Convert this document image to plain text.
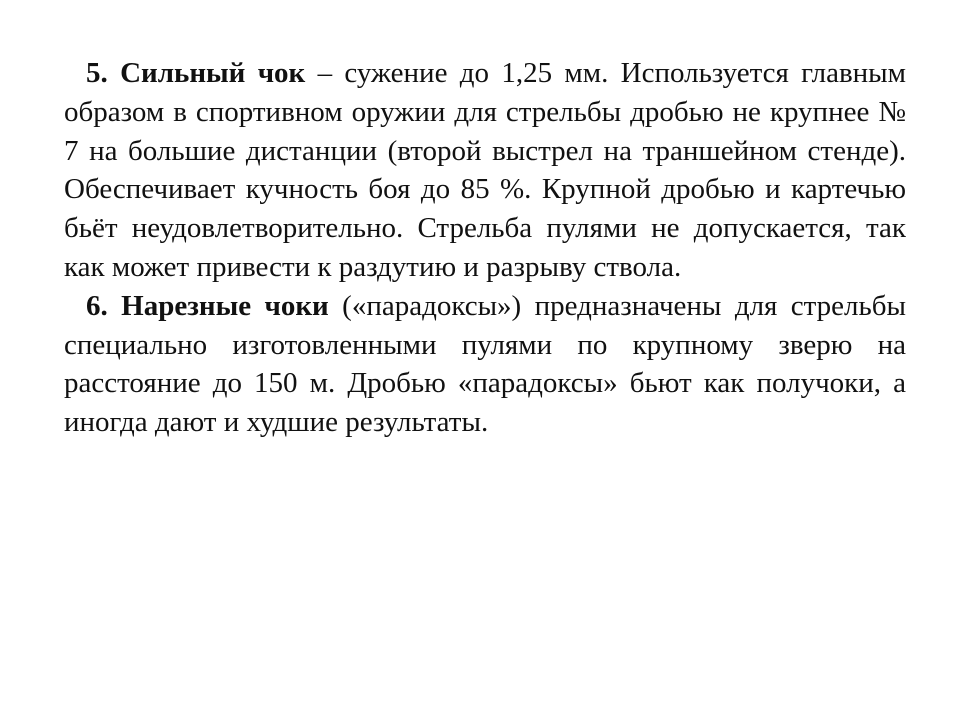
5. Сильный чок – сужение до 1,25 мм. Используется главным образом в спортивном оружии для стрельбы дробью не крупнее № 7 на большие дистанции (второй выстрел на траншейном стенде). Обеспечивает кучность боя до 85 %. Крупной дробью и картечью бьёт неудовлетворительно. Стрельба пулями не допускается, так как может привести к раздутию и разрыву ствола.

6. Нарезные чоки («парадоксы») предназначены для стрельбы специально изготовленными пулями по крупному зверю на расстояние до 150 м. Дробью «парадоксы» бьют как получоки, а иногда дают и худшие результаты.
